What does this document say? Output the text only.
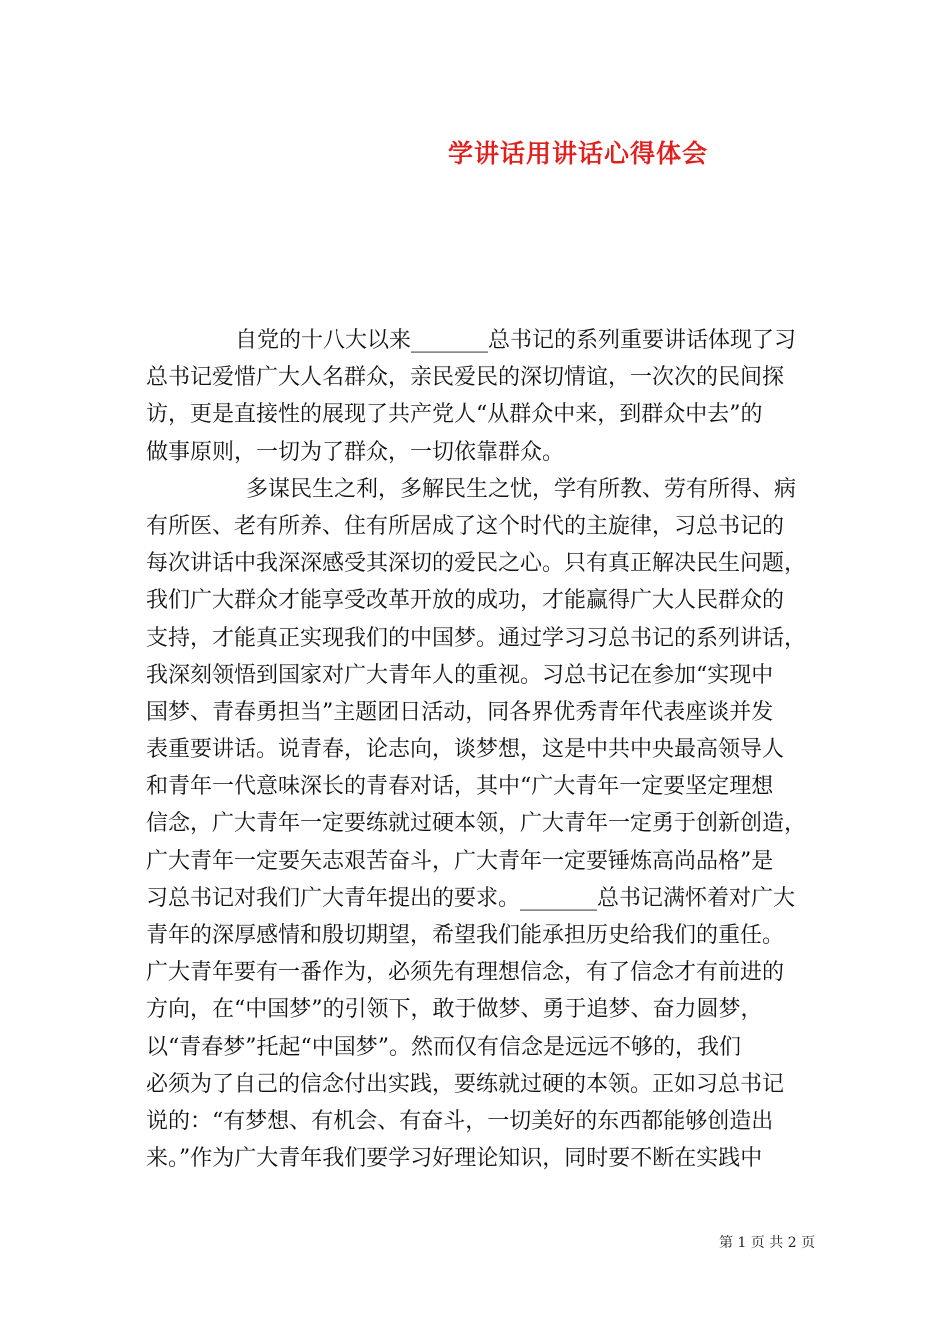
学讲话用讲话心得体会
自党的十八大以来_______总书记的系列重要讲话体现了习
总书记爱惜广大人名群众，亲民爱民的深切情谊，一次次的民间探
访，更是直接性的展现了共产党人“从群众中来，到群众中去”的
做事原则，一切为了群众，一切依靠群众。
多谋民生之利，多解民生之忧，学有所教、劳有所得、病
有所医、老有所养、住有所居成了这个时代的主旋律，习总书记的
每次讲话中我深深感受其深切的爱民之心。只有真正解决民生问题，
我们广大群众才能享受改革开放的成功，才能赢得广大人民群众的
支持，才能真正实现我们的中国梦。通过学习习总书记的系列讲话，
我深刻领悟到国家对广大青年人的重视。习总书记在参加“实现中
国梦、青春勇担当”主题团日活动，同各界优秀青年代表座谈并发
表重要讲话。说青春，论志向，谈梦想，这是中共中央最高领导人
和青年一代意味深长的青春对话，其中“广大青年一定要坚定理想
信念，广大青年一定要练就过硬本领，广大青年一定勇于创新创造，
广大青年一定要矢志艰苦奋斗，广大青年一定要锤炼高尚品格”是
习总书记对我们广大青年提出的要求。_______总书记满怀着对广大
青年的深厚感情和殷切期望，希望我们能承担历史给我们的重任。
广大青年要有一番作为，必须先有理想信念，有了信念才有前进的
方向，在“中国梦”的引领下，敢于做梦、勇于追梦、奋力圆梦，
以“青春梦”托起“中国梦”。然而仅有信念是远远不够的，我们
必须为了自己的信念付出实践，要练就过硬的本领。正如习总书记
说的：“有梦想、有机会、有奋斗，一切美好的东西都能够创造出
来。”作为广大青年我们要学习好理论知识，同时要不断在实践中
第 1 页 共 2 页
